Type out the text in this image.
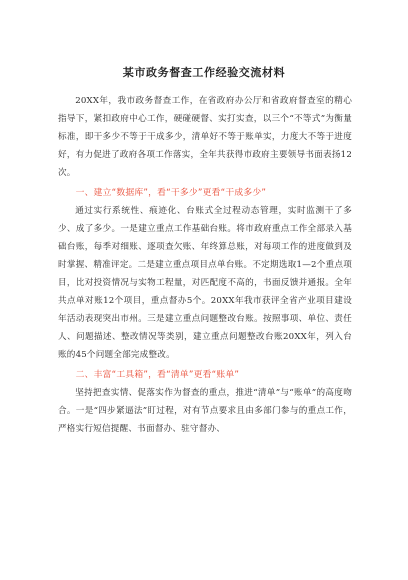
某市政务督查工作经验交流材料

20XX年，我市政务督查工作，在省政府办公厅和省政府督查室的精心指导下，紧扣政府中心工作，硬碰硬督、实打实查，以三个“不等式”为衡量标准，即干多少不等于干成多少，清单好不等于账单实，力度大不等于进度好，有力促进了政府各项工作落实，全年共获得市政府主要领导书面表扬12次。

一、建立“数据库”，看“干多少”更看“干成多少”

通过实行系统性、痕迹化、台账式全过程动态管理，实时监测干了多少、成了多少。一是建立重点工作基础台账。将市政府重点工作全部录入基础台账，每季对细账、逐项查欠账、年终算总账，对每项工作的进度做到及时掌握、精准评定。二是建立重点项目点单台账。不定期选取1—2个重点项目，比对投资情况与实物工程量，对匹配度不高的，书面反馈并通报。全年共点单对账12个项目，重点督办5个。20XX年我市获评全省产业项目建设年活动表现突出市州。三是建立重点问题整改台账。按照事项、单位、责任人、问题描述、整改情况等类别，建立重点问题整改台账20XX年，列入台账的45个问题全部完成整改。

二、丰富“工具箱”，看“清单”更看“账单”

坚持把查实情、促落实作为督查的重点，推进“清单”与“账单”的高度吻合。一是“四步紧逼法”盯过程，对有节点要求且由多部门参与的重点工作，严格实行短信提醒、书面督办、驻守督办、
